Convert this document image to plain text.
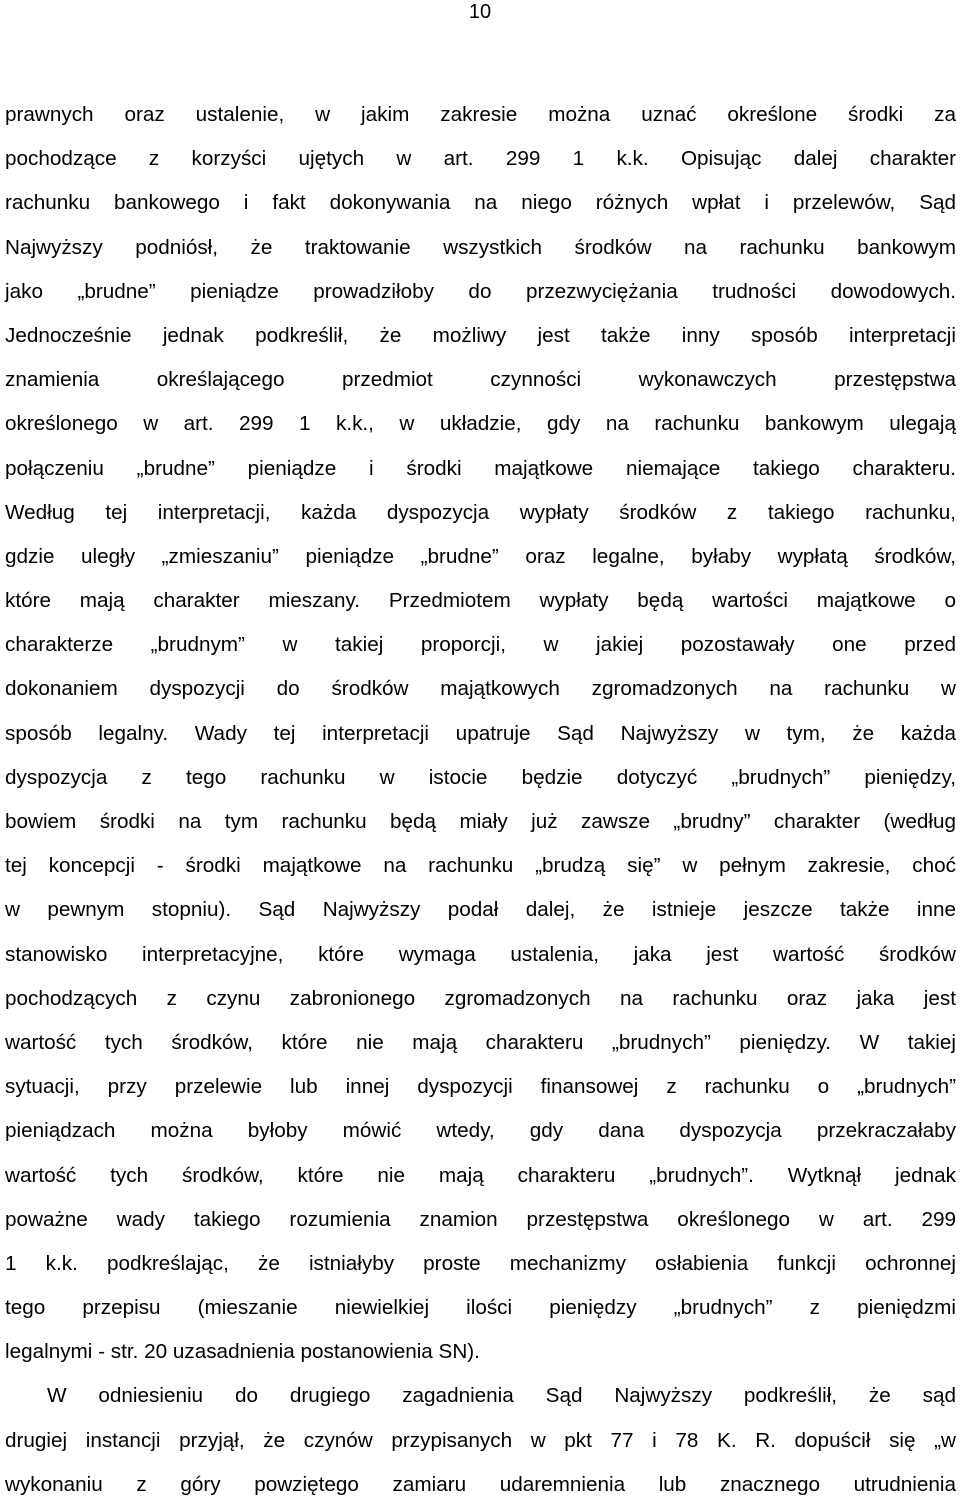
10
prawnych oraz ustalenie, w jakim zakresie można uznać określone środki za
pochodzące z korzyści ujętych w art. 299 1 k.k. Opisując dalej charakter
rachunku bankowego i fakt dokonywania na niego różnych wpłat i przelewów, Sąd
Najwyższy podniósł, że traktowanie wszystkich środków na rachunku bankowym
jako „brudne” pieniądze prowadziłoby do przezwyciężania trudności dowodowych.
Jednocześnie jednak podkreślił, że możliwy jest także inny sposób interpretacji
znamienia określającego przedmiot czynności wykonawczych przestępstwa
określonego w art. 299 1 k.k., w układzie, gdy na rachunku bankowym ulegają
połączeniu „brudne” pieniądze i środki majątkowe niemające takiego charakteru.
Według tej interpretacji, każda dyspozycja wypłaty środków z takiego rachunku,
gdzie uległy „zmieszaniu” pieniądze „brudne” oraz legalne, byłaby wypłatą środków,
które mają charakter mieszany. Przedmiotem wypłaty będą wartości majątkowe o
charakterze „brudnym” w takiej proporcji, w jakiej pozostawały one przed
dokonaniem dyspozycji do środków majątkowych zgromadzonych na rachunku w
sposób legalny. Wady tej interpretacji upatruje Sąd Najwyższy w tym, że każda
dyspozycja z tego rachunku w istocie będzie dotyczyć „brudnych” pieniędzy,
bowiem środki na tym rachunku będą miały już zawsze „brudny” charakter (według
tej koncepcji - środki majątkowe na rachunku „brudzą się” w pełnym zakresie, choć
w pewnym stopniu). Sąd Najwyższy podał dalej, że istnieje jeszcze także inne
stanowisko interpretacyjne, które wymaga ustalenia, jaka jest wartość środków
pochodzących z czynu zabronionego zgromadzonych na rachunku oraz jaka jest
wartość tych środków, które nie mają charakteru „brudnych” pieniędzy. W takiej
sytuacji, przy przelewie lub innej dyspozycji finansowej z rachunku o „brudnych”
pieniądzach można byłoby mówić wtedy, gdy dana dyspozycja przekraczałaby
wartość tych środków, które nie mają charakteru „brudnych”. Wytknął jednak
poważne wady takiego rozumienia znamion przestępstwa określonego w art. 299
1 k.k. podkreślając, że istniałyby proste mechanizmy osłabienia funkcji ochronnej
tego przepisu (mieszanie niewielkiej ilości pieniędzy „brudnych” z pieniędzmi
legalnymi - str. 20 uzasadnienia postanowienia SN).
W odniesieniu do drugiego zagadnienia Sąd Najwyższy podkreślił, że sąd
drugiej instancji przyjął, że czynów przypisanych w pkt 77 i 78 K. R. dopuścił się „w
wykonaniu z góry powziętego zamiaru udaremnienia lub znacznego utrudnienia
